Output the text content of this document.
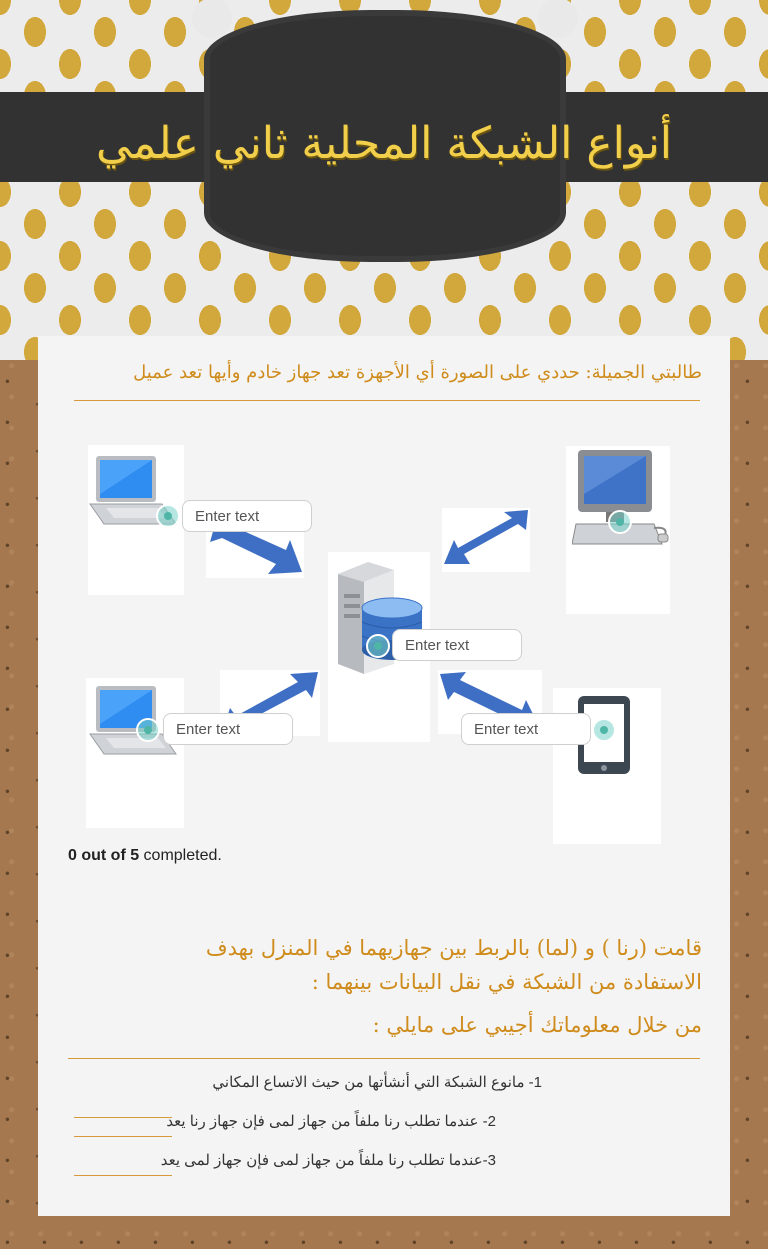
أنواع الشبكة المحلية ثاني علمي
طالبتي الجميلة: حددي على الصورة أي الأجهزة تعد جهاز خادم وأيها تعد عميل
Enter text
Enter text
Enter text
Enter text
0 out of 5 completed.
قامت (رنا ) و (لما) بالربط بين جهازيهما في المنزل بهدف
الاستفادة من الشبكة في نقل البيانات بينهما :
من خلال معلوماتك أجيبي على مايلي :
1- مانوع الشبكة التي أنشأتها من حيث الاتساع المكاني
2- عندما تطلب رنا ملفاً من جهاز لمى فإن جهاز رنا يعد
3-عندما تطلب رنا ملفاً من جهاز لمى فإن جهاز لمى يعد
